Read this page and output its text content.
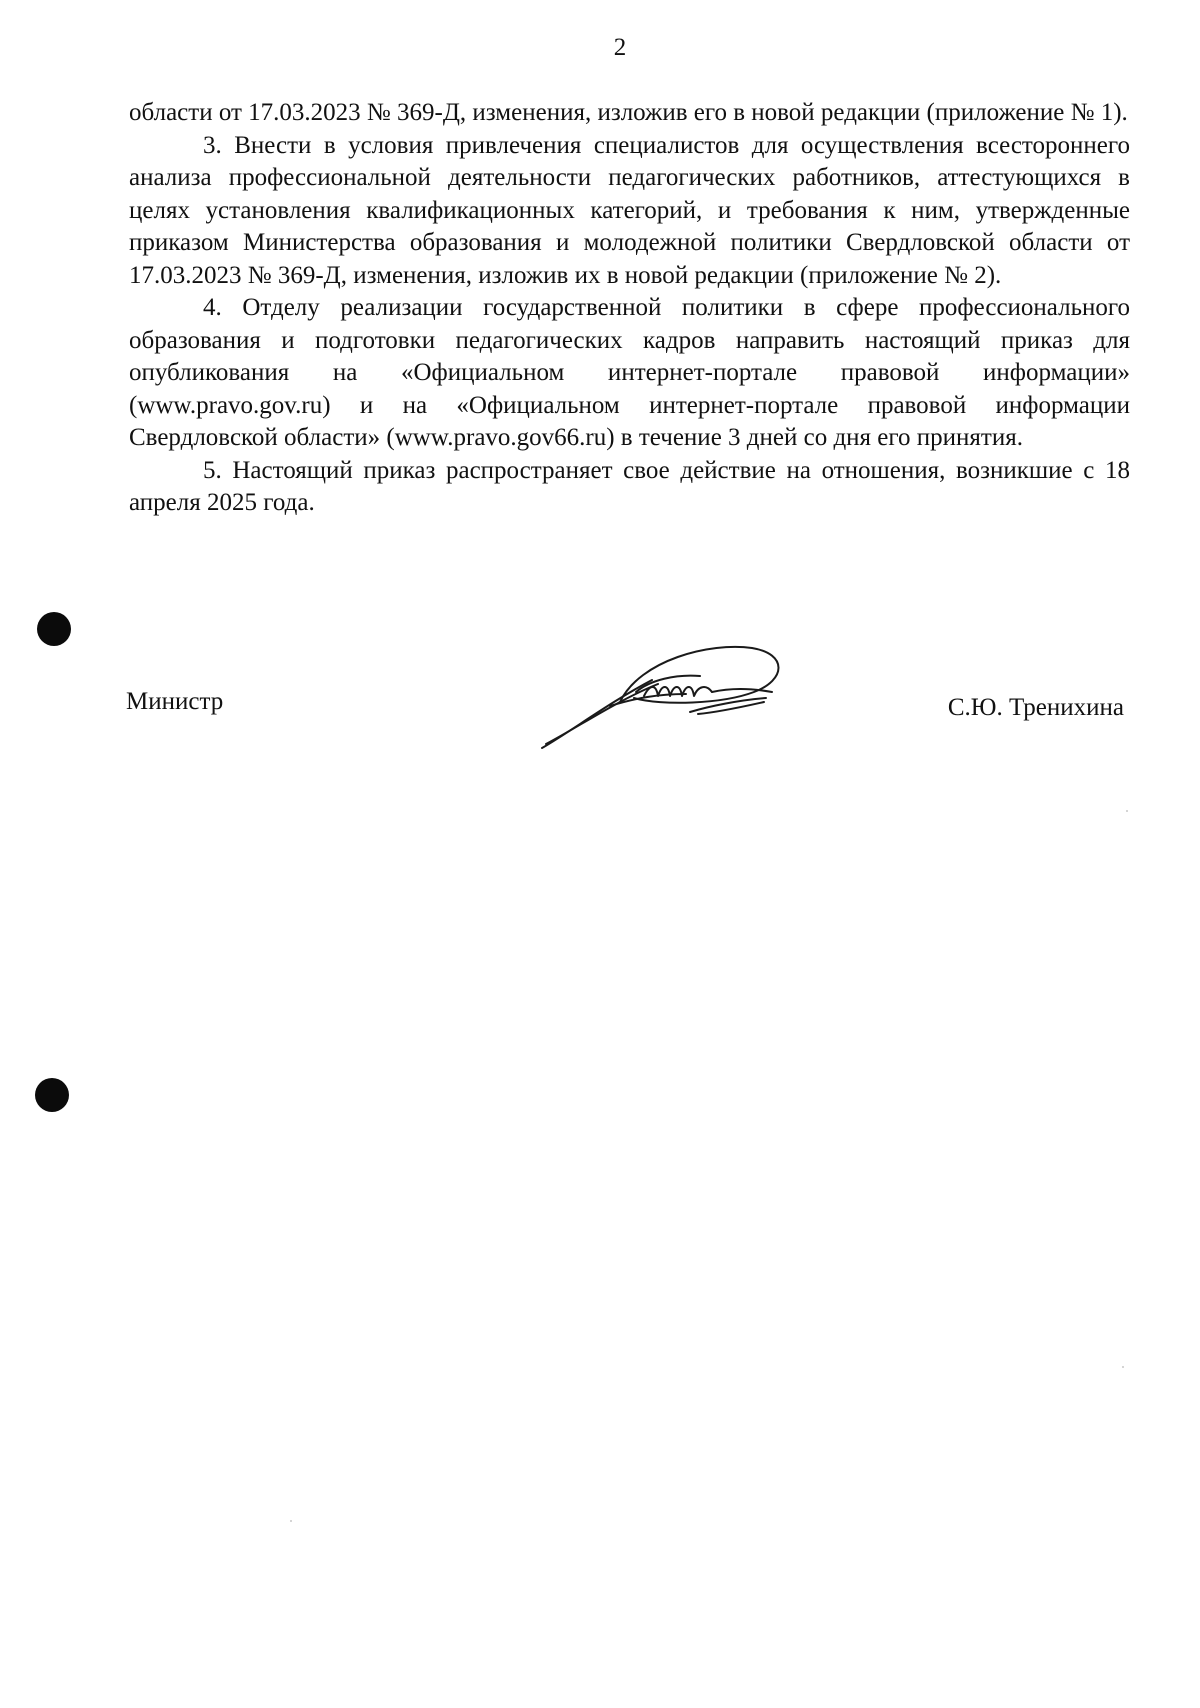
2

области от 17.03.2023 № 369-Д, изменения, изложив его в новой редакции (приложение № 1).

3. Внести в условия привлечения специалистов для осуществления всестороннего анализа профессиональной деятельности педагогических работников, аттестующихся в целях установления квалификационных категорий, и требования к ним, утвержденные приказом Министерства образования и молодежной политики Свердловской области от 17.03.2023 № 369-Д, изменения, изложив их в новой редакции (приложение № 2).

4. Отделу реализации государственной политики в сфере профессионального образования и подготовки педагогических кадров направить настоящий приказ для опубликования на «Официальном интернет-портале правовой информации» (www.pravo.gov.ru) и на «Официальном интернет-портале правовой информации Свердловской области» (www.pravo.gov66.ru) в течение 3 дней со дня его принятия.

5. Настоящий приказ распространяет свое действие на отношения, возникшие с 18 апреля 2025 года.

Министр	С.Ю. Тренихина
